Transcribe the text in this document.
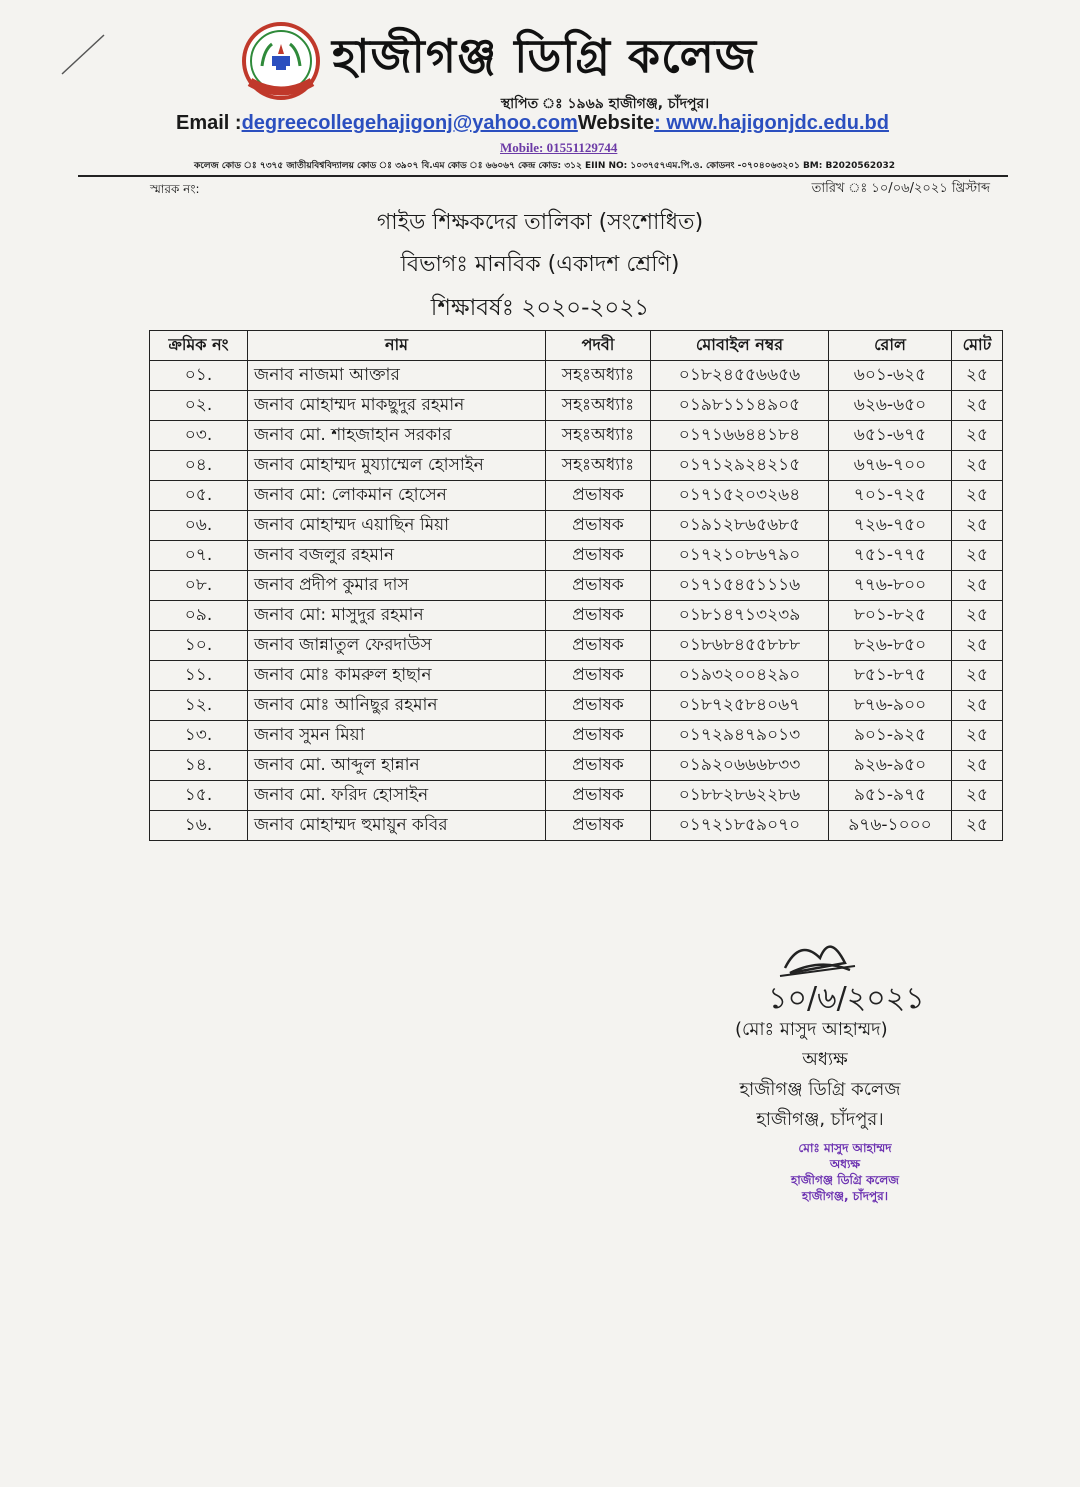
হাজীগঞ্জ ডিগ্রি কলেজ
স্থাপিত ঃ ১৯৬৯ হাজীগঞ্জ, চাঁদপুর।
Email :degreecollegehajigonj@yahoo.comWebsite: www.hajigonjdc.edu.bd
Mobile: 01551129744
কলেজ কোড ঃ ৭৩৭৫ জাতীয়বিশ্ববিদ্যালয় কোড ঃ ৩৯০৭ বি.এম কোড ঃ ৬৬০৬৭ কেন্দ্র কোড: ৩১২ EIIN NO: ১০৩৭৫৭এম.পি.ও. কোডনং -০৭০৪০৬৩২০১ BM: B2020562032
স্মারক নং:	তারিখ ঃ ১০/০৬/২০২১ খ্রিস্টাব্দ
গাইড শিক্ষকদের তালিকা (সংশোধিত)
বিভাগঃ মানবিক (একাদশ শ্রেণি)
শিক্ষাবর্ষঃ ২০২০-২০২১
ক্রমিক নং	নাম	পদবী	মোবাইল নম্বর	রোল	মোট
০১.	জনাব নাজমা আক্তার	সহঃঅধ্যাঃ	০১৮২৪৫৫৬৬৫৬	৬০১-৬২৫	২৫
০২.	জনাব মোহাম্মদ মাকছুদুর রহমান	সহঃঅধ্যাঃ	০১৯৮১১১৪৯০৫	৬২৬-৬৫০	২৫
০৩.	জনাব মো. শাহজাহান সরকার	সহঃঅধ্যাঃ	০১৭১৬৬৪৪১৮৪	৬৫১-৬৭৫	২৫
০৪.	জনাব মোহাম্মদ মুয্যাম্মেল হোসাইন	সহঃঅধ্যাঃ	০১৭১২৯২৪২১৫	৬৭৬-৭০০	২৫
০৫.	জনাব মো: লোকমান হোসেন	প্রভাষক	০১৭১৫২০৩২৬৪	৭০১-৭২৫	২৫
০৬.	জনাব মোহাম্মদ এয়াছিন মিয়া	প্রভাষক	০১৯১২৮৬৫৬৮৫	৭২৬-৭৫০	২৫
০৭.	জনাব বজলুর রহমান	প্রভাষক	০১৭২১০৮৬৭৯০	৭৫১-৭৭৫	২৫
০৮.	জনাব প্রদীপ কুমার দাস	প্রভাষক	০১৭১৫৪৫১১১৬	৭৭৬-৮০০	২৫
০৯.	জনাব মো: মাসুদুর রহমান	প্রভাষক	০১৮১৪৭১৩২৩৯	৮০১-৮২৫	২৫
১০.	জনাব জান্নাতুল ফেরদাউস	প্রভাষক	০১৮৬৮৪৫৫৮৮৮	৮২৬-৮৫০	২৫
১১.	জনাব মোঃ কামরুল হাছান	প্রভাষক	০১৯৩২০০৪২৯০	৮৫১-৮৭৫	২৫
১২.	জনাব মোঃ আনিছুর রহমান	প্রভাষক	০১৮৭২৫৮৪০৬৭	৮৭৬-৯০০	২৫
১৩.	জনাব সুমন মিয়া	প্রভাষক	০১৭২৯৪৭৯০১৩	৯০১-৯২৫	২৫
১৪.	জনাব মো. আব্দুল হান্নান	প্রভাষক	০১৯২০৬৬৬৮৩৩	৯২৬-৯৫০	২৫
১৫.	জনাব মো. ফরিদ হোসাইন	প্রভাষক	০১৮৮২৮৬২২৮৬	৯৫১-৯৭৫	২৫
১৬.	জনাব মোহাম্মদ হুমায়ুন কবির	প্রভাষক	০১৭২১৮৫৯০৭০	৯৭৬-১০০০	২৫
১০/৬/২০২১
(মোঃ মাসুদ আহাম্মদ)
অধ্যক্ষ
হাজীগঞ্জ ডিগ্রি কলেজ
হাজীগঞ্জ, চাঁদপুর।
মোঃ মাসুদ আহাম্মদ
অধ্যক্ষ
হাজীগঞ্জ ডিগ্রি কলেজ
হাজীগঞ্জ, চাঁদপুর।
